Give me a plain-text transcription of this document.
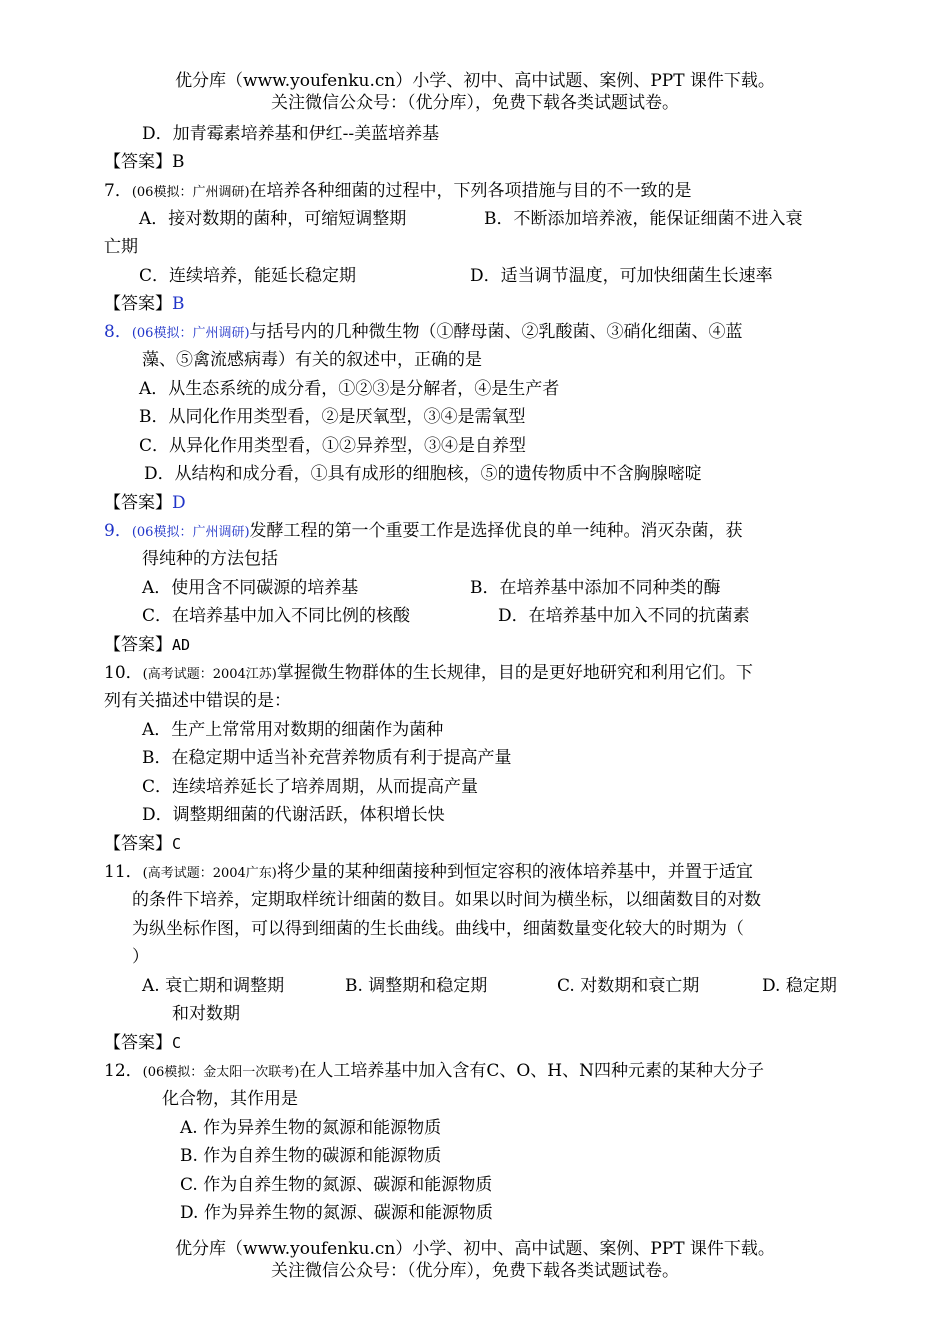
优分库（www.youfenku.cn）小学、初中、高中试题、案例、PPT 课件下载。
关注微信公众号：（优分库），免费下载各类试题试卷。
D．加青霉素培养基和伊红--美蓝培养基
【答案】B
7．(06模拟：广州调研)在培养各种细菌的过程中，下列各项措施与目的不一致的是
A．接对数期的菌种，可缩短调整期	B．不断添加培养液，能保证细菌不进入衰
亡期
C．连续培养，能延长稳定期	D．适当调节温度，可加快细菌生长速率
【答案】B
8．(06模拟：广州调研)与括号内的几种微生物（①酵母菌、②乳酸菌、③硝化细菌、④蓝
藻、⑤禽流感病毒）有关的叙述中，正确的是
A．从生态系统的成分看，①②③是分解者，④是生产者
B．从同化作用类型看，②是厌氧型，③④是需氧型
C．从异化作用类型看，①②异养型，③④是自养型
D．从结构和成分看，①具有成形的细胞核，⑤的遗传物质中不含胸腺嘧啶
【答案】D
9．(06模拟：广州调研)发酵工程的第一个重要工作是选择优良的单一纯种。消灭杂菌，获
得纯种的方法包括
A．使用含不同碳源的培养基	B．在培养基中添加不同种类的酶
C．在培养基中加入不同比例的核酸	D．在培养基中加入不同的抗菌素
【答案】AD
10．(高考试题：2004江苏)掌握微生物群体的生长规律，目的是更好地研究和利用它们。下
列有关描述中错误的是：
A．生产上常常用对数期的细菌作为菌种
B．在稳定期中适当补充营养物质有利于提高产量
C．连续培养延长了培养周期，从而提高产量
D．调整期细菌的代谢活跃，体积增长快
【答案】C
11．(高考试题：2004广东)将少量的某种细菌接种到恒定容积的液体培养基中，并置于适宜
的条件下培养，定期取样统计细菌的数目。如果以时间为横坐标，以细菌数目的对数
为纵坐标作图，可以得到细菌的生长曲线。曲线中，细菌数量变化较大的时期为（
）
A. 衰亡期和调整期	B. 调整期和稳定期	C. 对数期和衰亡期	D. 稳定期
和对数期
【答案】C
12．(06模拟：金太阳一次联考)在人工培养基中加入含有C、O、H、N四种元素的某种大分子
化合物，其作用是
A. 作为异养生物的氮源和能源物质
B. 作为自养生物的碳源和能源物质
C. 作为自养生物的氮源、碳源和能源物质
D. 作为异养生物的氮源、碳源和能源物质
优分库（www.youfenku.cn）小学、初中、高中试题、案例、PPT 课件下载。
关注微信公众号：（优分库），免费下载各类试题试卷。
